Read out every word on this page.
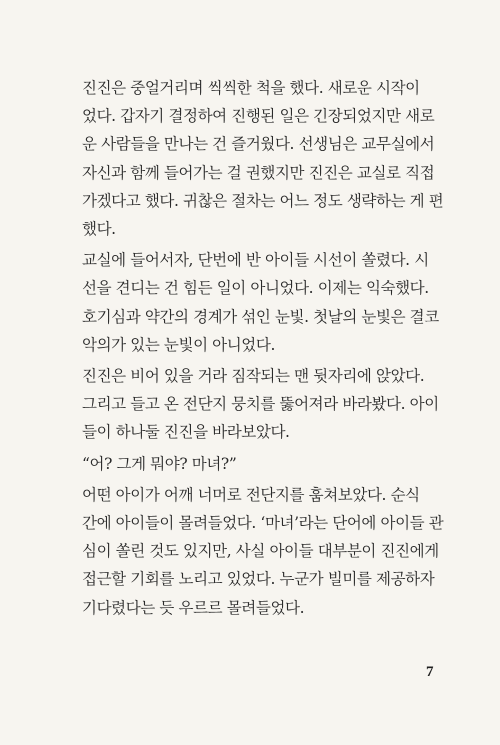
진진은 중얼거리며 씩씩한 척을 했다. 새로운 시작이
었다. 갑자기 결정하여 진행된 일은 긴장되었지만 새로
운 사람들을 만나는 건 즐거웠다. 선생님은 교무실에서
자신과 함께 들어가는 걸 권했지만 진진은 교실로 직접
가겠다고 했다. 귀찮은 절차는 어느 정도 생략하는 게 편
했다.

교실에 들어서자, 단번에 반 아이들 시선이 쏠렸다. 시
선을 견디는 건 힘든 일이 아니었다. 이제는 익숙했다.
호기심과 약간의 경계가 섞인 눈빛. 첫날의 눈빛은 결코
악의가 있는 눈빛이 아니었다.

진진은 비어 있을 거라 짐작되는 맨 뒷자리에 앉았다.
그리고 들고 온 전단지 뭉치를 뚫어져라 바라봤다. 아이
들이 하나둘 진진을 바라보았다.

“어? 그게 뭐야? 마녀?”

어떤 아이가 어깨 너머로 전단지를 훔쳐보았다. 순식
간에 아이들이 몰려들었다. ‘마녀’라는 단어에 아이들 관
심이 쏠린 것도 있지만, 사실 아이들 대부분이 진진에게
접근할 기회를 노리고 있었다. 누군가 빌미를 제공하자
기다렸다는 듯 우르르 몰려들었다.

7
